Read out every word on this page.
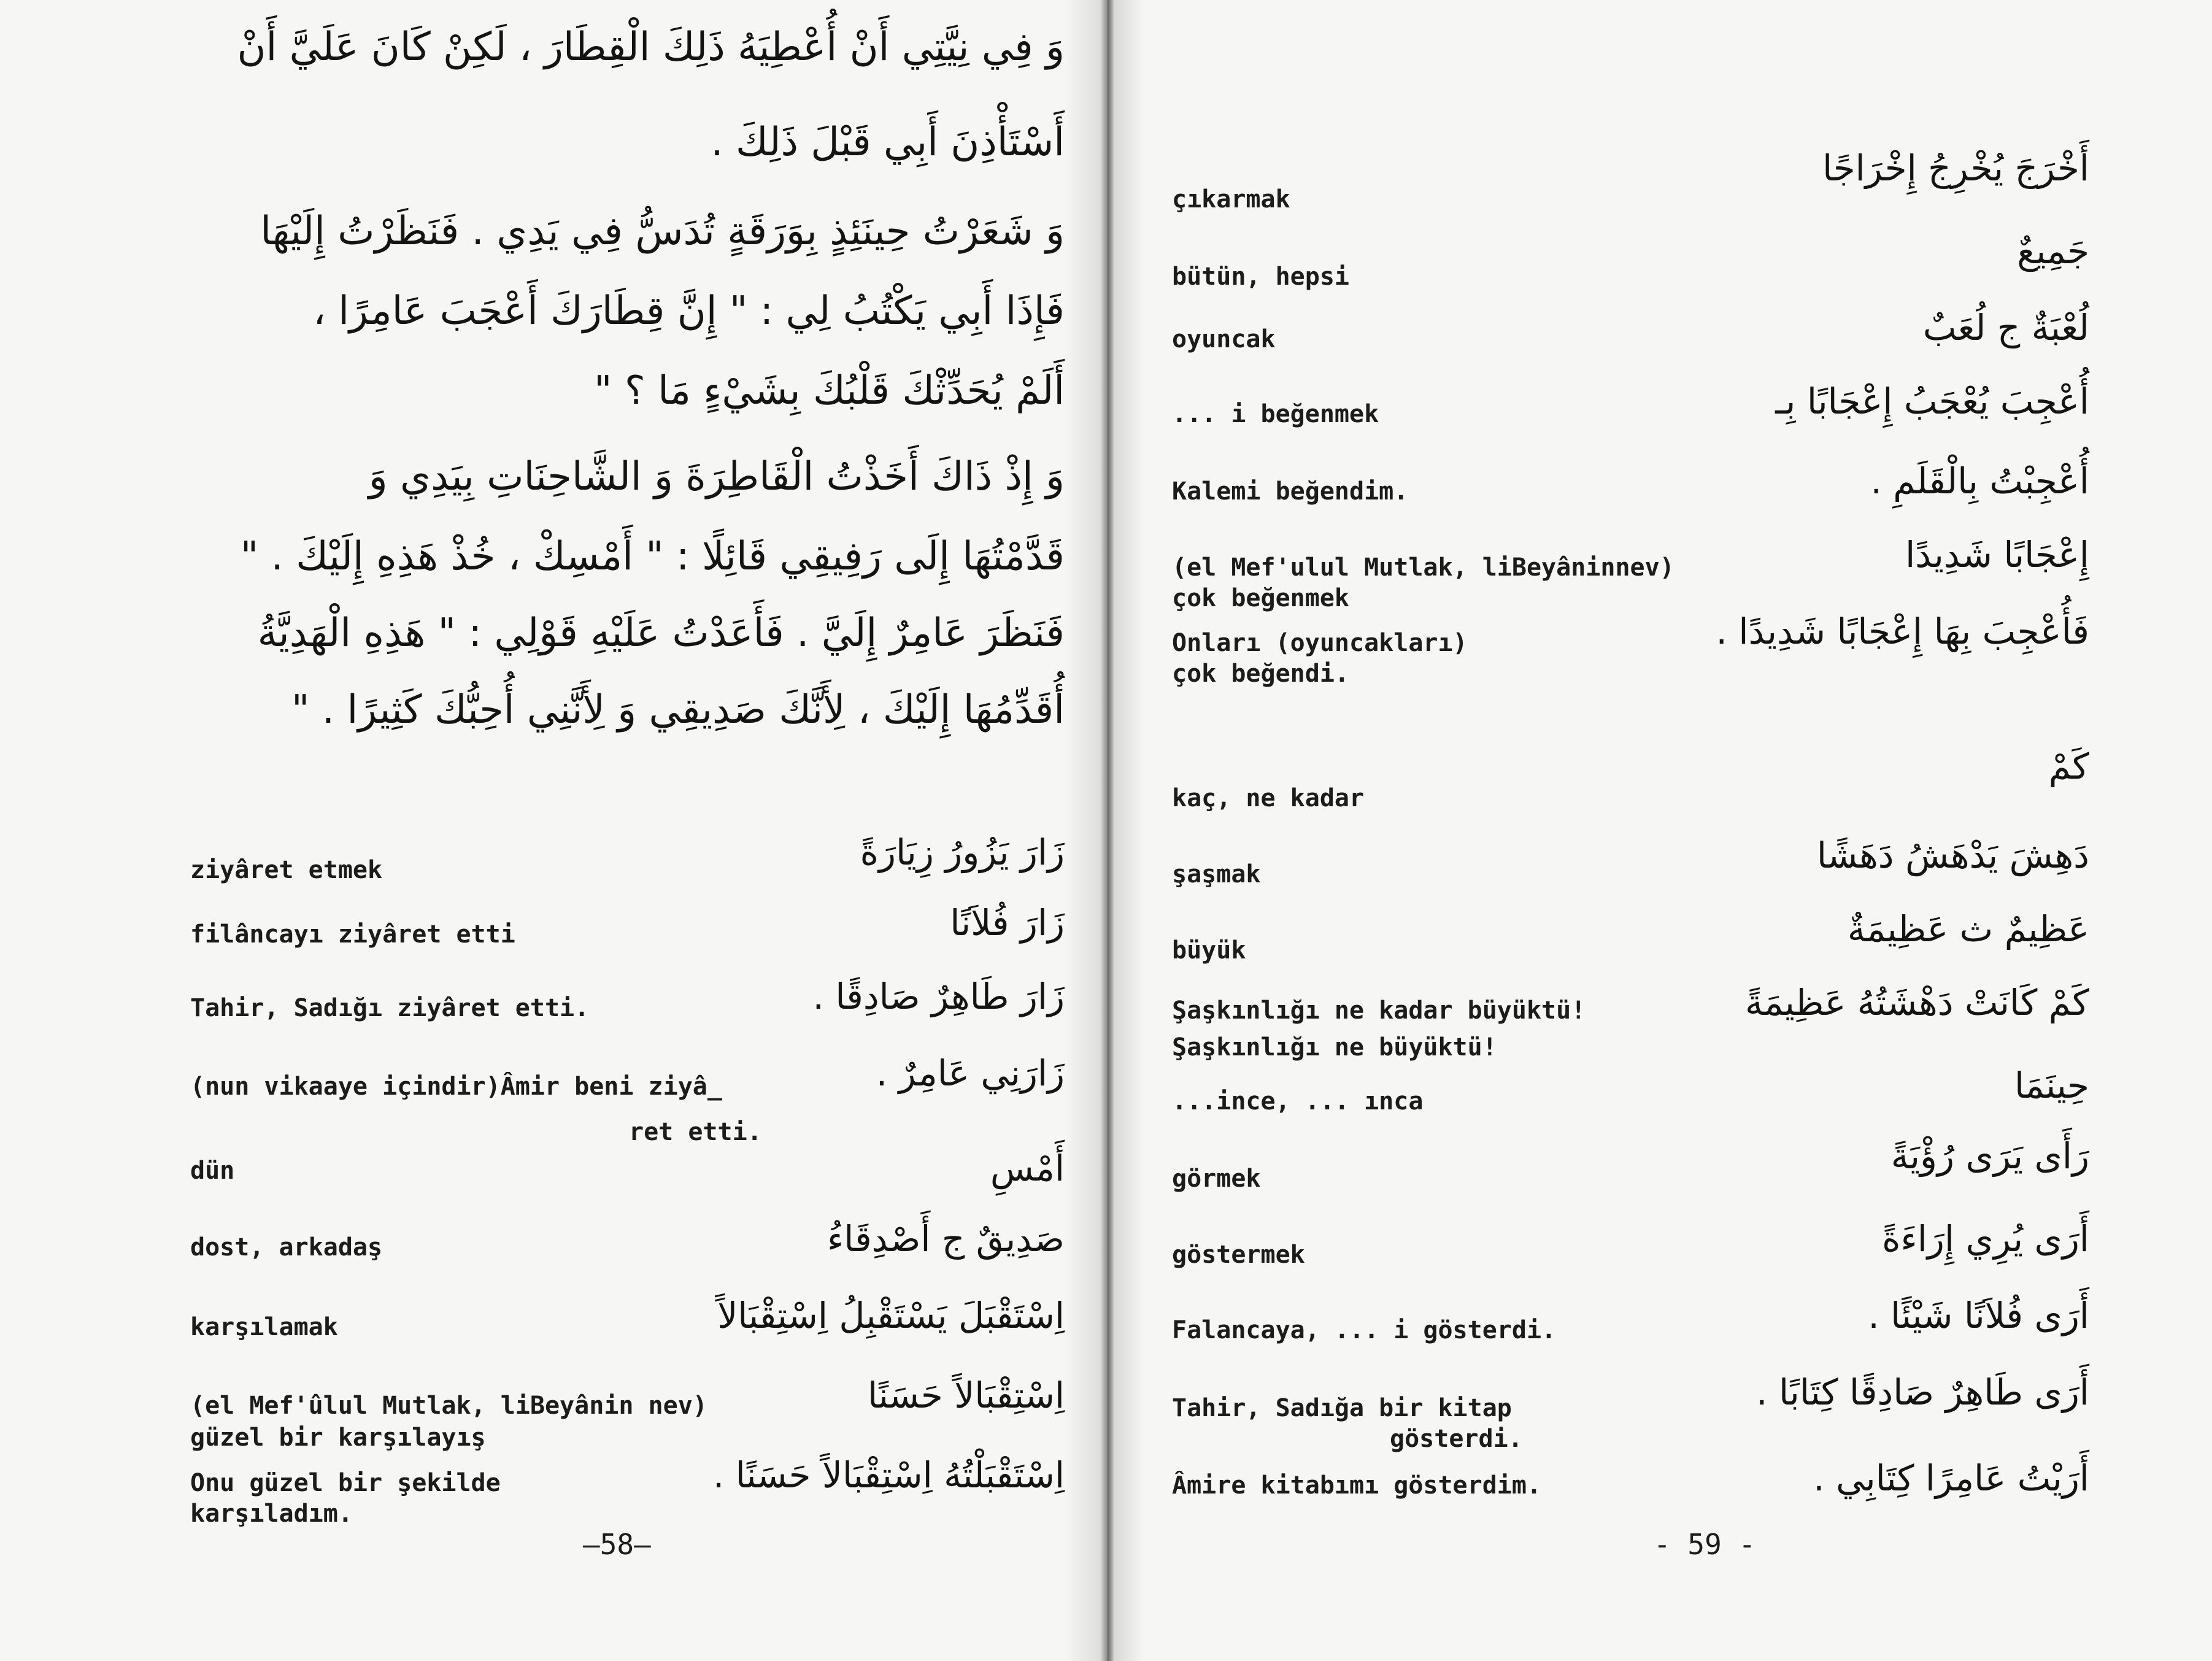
وَ فِي نِيَّتِي أَنْ أُعْطِيَهُ ذَلِكَ الْقِطَارَ ، لَكِنْ كَانَ عَلَيَّ أَنْ
أَسْتَأْذِنَ أَبِي قَبْلَ ذَلِكَ .
وَ شَعَرْتُ حِينَئِذٍ بِوَرَقَةٍ تُدَسُّ فِي يَدِي . فَنَظَرْتُ إِلَيْهَا
فَإِذَا أَبِي يَكْتُبُ لِي : " إِنَّ قِطَارَكَ أَعْجَبَ عَامِرًا ،
أَلَمْ يُحَدِّثْكَ قَلْبُكَ بِشَيْءٍ مَا ؟ "
وَ إِذْ ذَاكَ أَخَذْتُ الْقَاطِرَةَ وَ الشَّاحِنَاتِ بِيَدِي وَ
قَدَّمْتُهَا إِلَى رَفِيقِي قَائِلًا : " أَمْسِكْ ، خُذْ هَذِهِ إِلَيْكَ . "
فَنَظَرَ عَامِرٌ إِلَيَّ . فَأَعَدْتُ عَلَيْهِ قَوْلِي : " هَذِهِ الْهَدِيَّةُ
أُقَدِّمُهَا إِلَيْكَ ، لِأَنَّكَ صَدِيقِي وَ لِأَنَّنِي أُحِبُّكَ كَثِيرًا . "
زَارَ يَزُورُ زِيَارَةً
ziyâret etmek
زَارَ فُلاَنًا
filâncayı ziyâret etti
زَارَ طَاهِرٌ صَادِقًا .
Tahir, Sadığı ziyâret etti.
زَارَنِي عَامِرٌ .
(nun vikaaye içindir)Âmir beni ziyâ_
ret etti.
أَمْسِ
dün
صَدِيقٌ ج أَصْدِقَاءُ
dost, arkadaş
اِسْتَقْبَلَ يَسْتَقْبِلُ اِسْتِقْبَالاً
karşılamak
اِسْتِقْبَالاً حَسَنًا
(el Mef'ûlul Mutlak, liBeyânin nev)
güzel bir karşılayış
اِسْتَقْبَلْتُهُ اِسْتِقْبَالاً حَسَنًا .
Onu güzel bir şekilde
karşıladım.
—58—
أَخْرَجَ يُخْرِجُ إِخْرَاجًا
çıkarmak
جَمِيعٌ
bütün, hepsi
لُعْبَةٌ ج لُعَبٌ
oyuncak
أُعْجِبَ يُعْجَبُ إِعْجَابًا بِـ
... i beğenmek
أُعْجِبْتُ بِالْقَلَمِ .
Kalemi beğendim.
إِعْجَابًا شَدِيدًا
(el Mef'ulul Mutlak, liBeyâninnev)
çok beğenmek
فَأُعْجِبَ بِهَا إِعْجَابًا شَدِيدًا .
Onları (oyuncakları)
çok beğendi.
كَمْ
kaç, ne kadar
دَهِشَ يَدْهَشُ دَهَشًا
şaşmak
عَظِيمٌ ث عَظِيمَةٌ
büyük
كَمْ كَانَتْ دَهْشَتُهُ عَظِيمَةً
Şaşkınlığı ne kadar büyüktü!
Şaşkınlığı ne büyüktü!
حِينَمَا
...ince, ... ınca
رَأَى يَرَى رُؤْيَةً
görmek
أَرَى يُرِي إِرَاءَةً
göstermek
أَرَى فُلاَنًا شَيْئًا .
Falancaya, ... i gösterdi.
أَرَى طَاهِرٌ صَادِقًا كِتَابًا .
Tahir, Sadığa bir kitap
gösterdi.
أَرَيْتُ عَامِرًا كِتَابِي .
Âmire kitabımı gösterdim.
- 59 -
